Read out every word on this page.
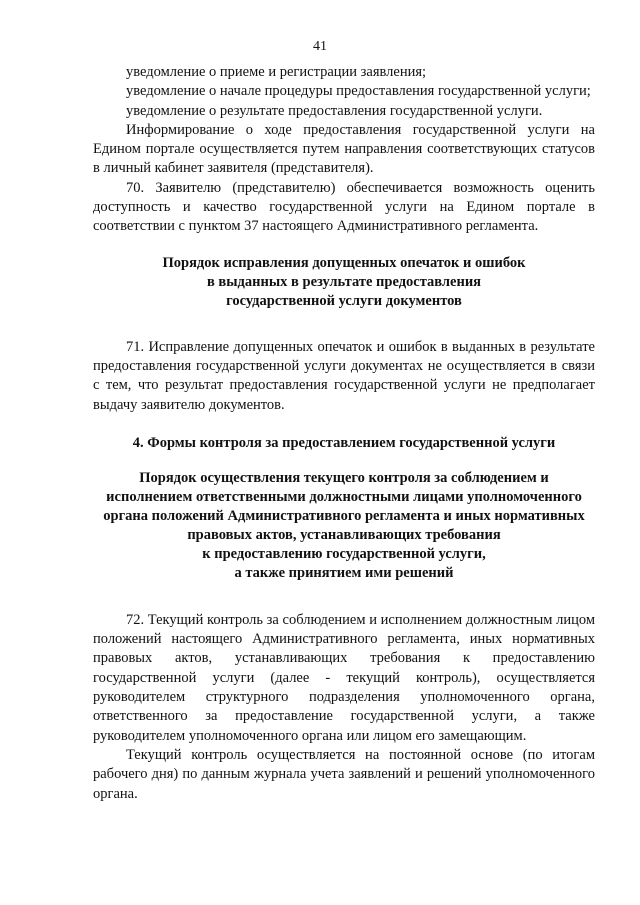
41

уведомление о приеме и регистрации заявления;

уведомление о начале процедуры предоставления государственной услуги;

уведомление о результате предоставления государственной услуги.

Информирование о ходе предоставления государственной услуги на Едином портале осуществляется путем направления соответствующих статусов в личный кабинет заявителя (представителя).

70. Заявителю (представителю) обеспечивается возможность оценить доступность и качество государственной услуги на Едином портале в соответствии с пунктом 37 настоящего Административного регламента.

Порядок исправления допущенных опечаток и ошибок
в выданных в результате предоставления
государственной услуги документов

71. Исправление допущенных опечаток и ошибок в выданных в результате предоставления государственной услуги документах не осуществляется в связи с тем, что результат предоставления государственной услуги не предполагает выдачу заявителю документов.

4. Формы контроля за предоставлением государственной услуги
Порядок осуществления текущего контроля за соблюдением и
исполнением ответственными должностными лицами уполномоченного
органа положений Административного регламента и иных нормативных
правовых актов, устанавливающих требования
к предоставлению государственной услуги,
а также принятием ими решений

72. Текущий контроль за соблюдением и исполнением должностным лицом положений настоящего Административного регламента, иных нормативных правовых актов, устанавливающих требования к предоставлению государственной услуги (далее - текущий контроль), осуществляется руководителем структурного подразделения уполномоченного органа, ответственного за предоставление государственной услуги, а также руководителем уполномоченного органа или лицом его замещающим.

Текущий контроль осуществляется на постоянной основе (по итогам рабочего дня) по данным журнала учета заявлений и решений уполномоченного органа.
